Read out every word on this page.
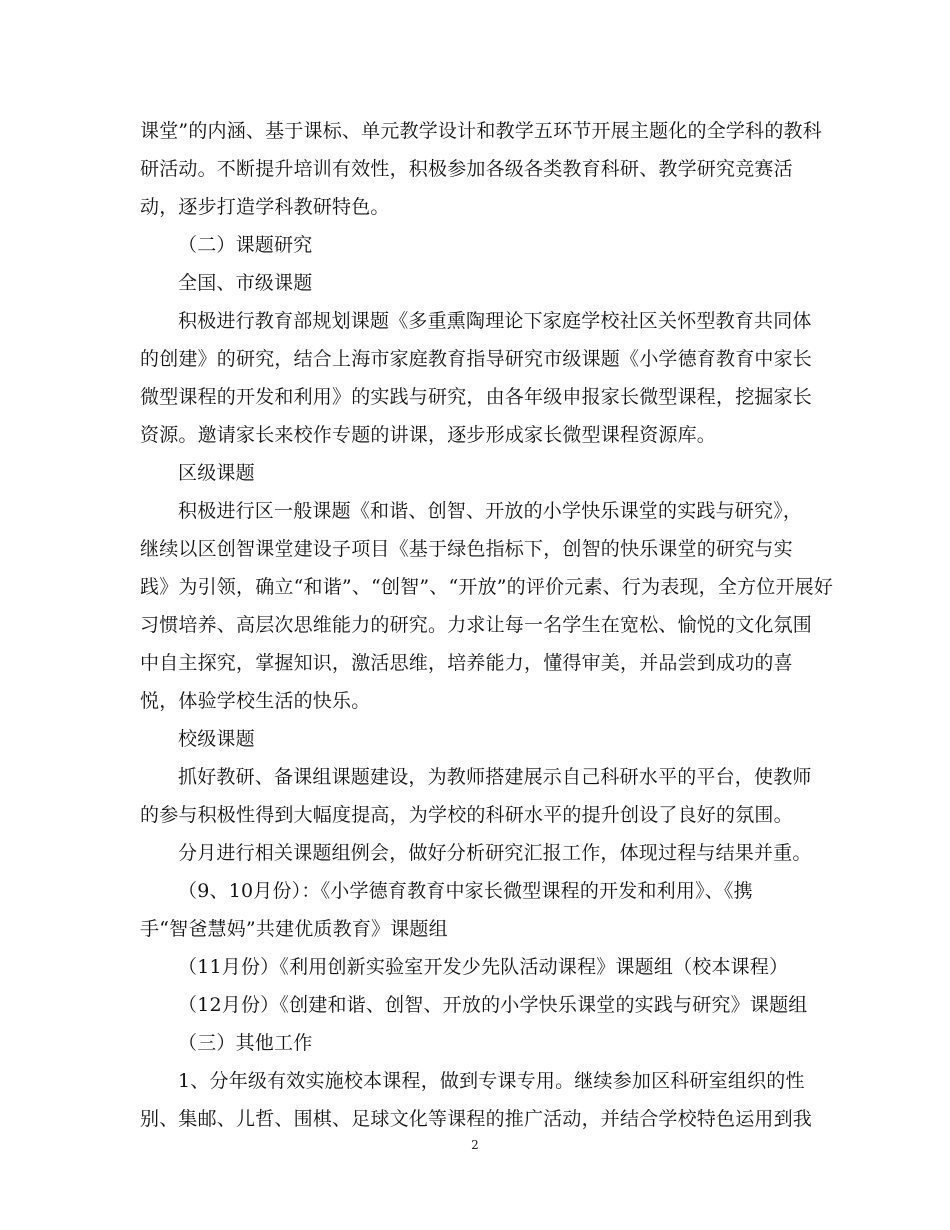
课堂”的内涵、基于课标、单元教学设计和教学五环节开展主题化的全学科的教科
研活动。不断提升培训有效性，积极参加各级各类教育科研、教学研究竞赛活
动，逐步打造学科教研特色。
（二）课题研究
全国、市级课题
积极进行教育部规划课题《多重熏陶理论下家庭学校社区关怀型教育共同体
的创建》的研究，结合上海市家庭教育指导研究市级课题《小学德育教育中家长
微型课程的开发和利用》的实践与研究，由各年级申报家长微型课程，挖掘家长
资源。邀请家长来校作专题的讲课，逐步形成家长微型课程资源库。
区级课题
积极进行区一般课题《和谐、创智、开放的小学快乐课堂的实践与研究》，
继续以区创智课堂建设子项目《基于绿色指标下，创智的快乐课堂的研究与实
践》为引领，确立“和谐”、“创智”、“开放”的评价元素、行为表现，全方位开展好
习惯培养、高层次思维能力的研究。力求让每一名学生在宽松、愉悦的文化氛围
中自主探究，掌握知识，激活思维，培养能力，懂得审美，并品尝到成功的喜
悦，体验学校生活的快乐。
校级课题
抓好教研、备课组课题建设，为教师搭建展示自己科研水平的平台，使教师
的参与积极性得到大幅度提高，为学校的科研水平的提升创设了良好的氛围。
分月进行相关课题组例会，做好分析研究汇报工作，体现过程与结果并重。
（9、10月份）：《小学德育教育中家长微型课程的开发和利用》、《携
手“智爸慧妈”共建优质教育》课题组
（11月份）《利用创新实验室开发少先队活动课程》课题组（校本课程）
（12月份）《创建和谐、创智、开放的小学快乐课堂的实践与研究》课题组
（三）其他工作
1、分年级有效实施校本课程，做到专课专用。继续参加区科研室组织的性
别、集邮、儿哲、围棋、足球文化等课程的推广活动，并结合学校特色运用到我
2
